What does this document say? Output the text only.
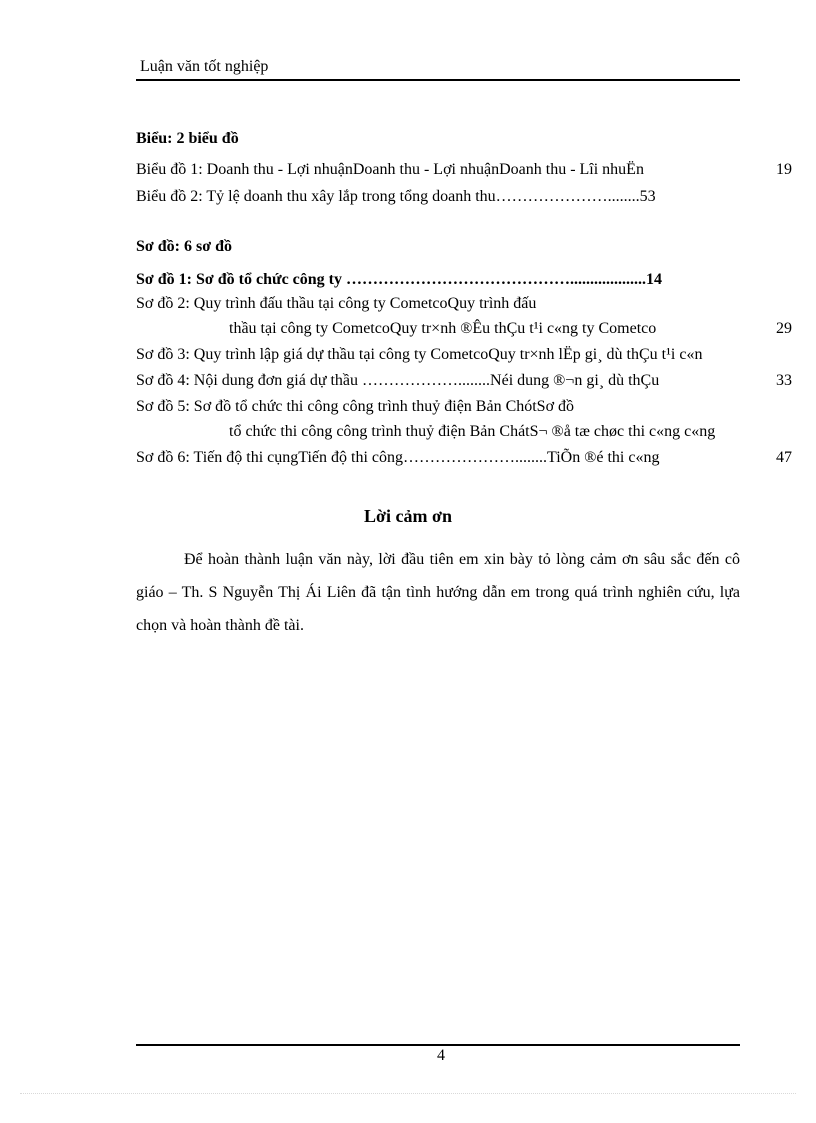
Luận văn tốt nghiệp
Biểu: 2 biểu đồ
Biểu đồ 1: Doanh thu - Lợi nhuậnDoanh thu - Lợi nhuậnDoanh thu - Lîi nhuËn	19
Biểu đồ 2: Tỷ lệ doanh thu xây lắp trong tổng doanh thu…………………........53
Sơ đồ: 6 sơ đồ
Sơ đồ 1: Sơ đồ tổ chức công ty ……………………………………...................14
Sơ đồ 2: Quy trình đấu thầu tại công ty CometcoQuy trình đấu
thầu tại công ty CometcoQuy tr×nh ®Êu thÇu t¹i c«ng ty Cometco	29
Sơ đồ 3: Quy trình lập giá dự thầu tại công ty CometcoQuy tr×nh lËp gi¸ dù thÇu t¹i c«n
Sơ đồ 4: Nội dung đơn giá dự thầu ………………........Néi dung ®¬n gi¸ dù thÇu	33
Sơ đồ 5: Sơ đồ tổ chức thi công công trình thuỷ điện Bản ChótSơ đồ
tổ chức thi công công trình thuỷ điện Bản ChátS¬ ®å tæ chøc thi c«ng c«ng
Sơ đồ 6: Tiến độ thi cụngTiến độ thi công…………………........TiÕn ®é thi c«ng	47
Lời cảm ơn
Để hoàn thành luận văn này, lời đầu tiên em xin bày tỏ lòng cảm ơn sâu sắc đến cô giáo – Th. S Nguyễn Thị Ái Liên đã tận tình hướng dẫn em trong quá trình nghiên cứu, lựa chọn và hoàn thành đề tài.
4
